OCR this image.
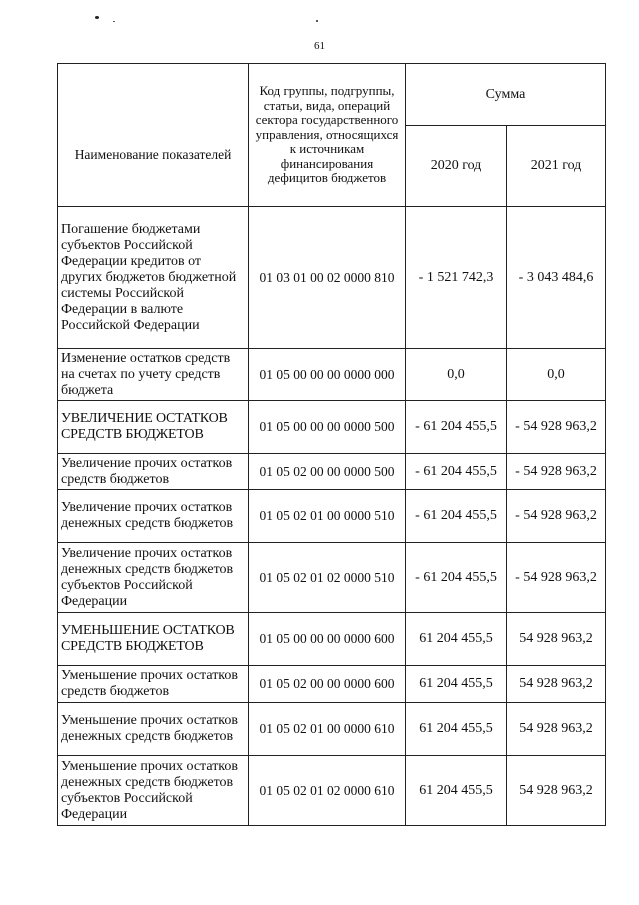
61
Наименование показателей	Код группы, подгруппы, статьи, вида, операций сектора государственного управления, относящихся к источникам финансирования дефицитов бюджетов	Сумма	
		2020 год	2021 год
Погашение бюджетами субъектов Российской Федерации кредитов от других бюджетов бюджетной системы Российской Федерации в валюте Российской Федерации	01 03 01 00 02 0000 810	- 1 521 742,3	- 3 043 484,6
Изменение остатков средств на счетах по учету средств бюджета	01 05 00 00 00 0000 000	0,0	0,0
УВЕЛИЧЕНИЕ ОСТАТКОВ СРЕДСТВ БЮДЖЕТОВ	01 05 00 00 00 0000 500	- 61 204 455,5	- 54 928 963,2
Увеличение прочих остатков средств бюджетов	01 05 02 00 00 0000 500	- 61 204 455,5	- 54 928 963,2
Увеличение прочих остатков денежных средств бюджетов	01 05 02 01 00 0000 510	- 61 204 455,5	- 54 928 963,2
Увеличение прочих остатков денежных средств бюджетов субъектов Российской Федерации	01 05 02 01 02 0000 510	- 61 204 455,5	- 54 928 963,2
УМЕНЬШЕНИЕ ОСТАТКОВ СРЕДСТВ БЮДЖЕТОВ	01 05 00 00 00 0000 600	61 204 455,5	54 928 963,2
Уменьшение прочих остатков средств бюджетов	01 05 02 00 00 0000 600	61 204 455,5	54 928 963,2
Уменьшение прочих остатков денежных средств бюджетов	01 05 02 01 00 0000 610	61 204 455,5	54 928 963,2
Уменьшение прочих остатков денежных средств бюджетов субъектов Российской Федерации	01 05 02 01 02 0000 610	61 204 455,5	54 928 963,2
